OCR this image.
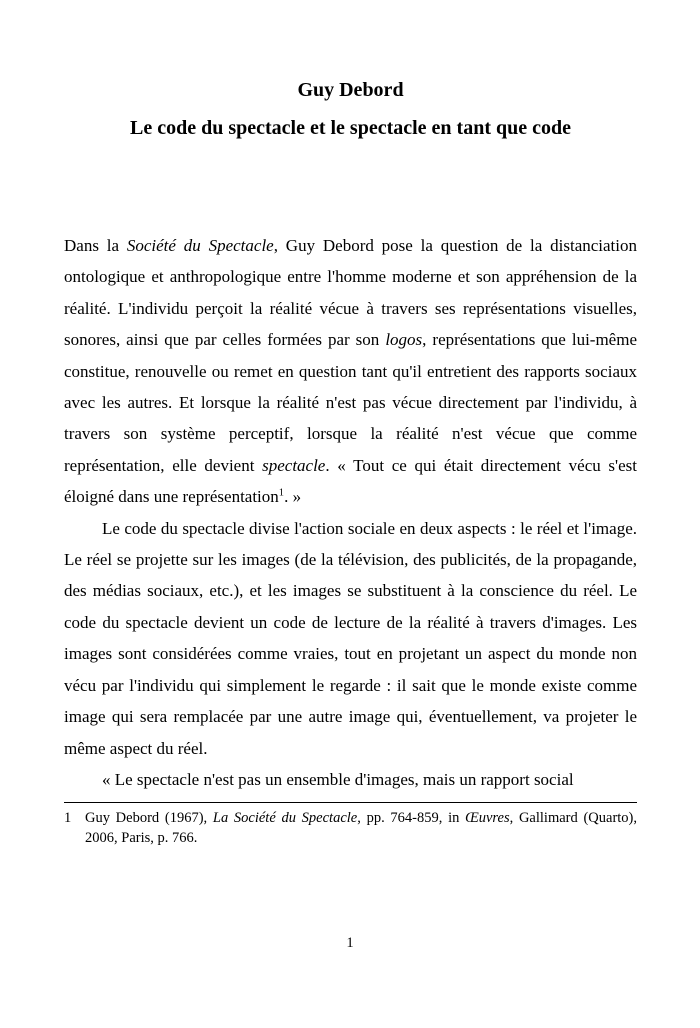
Guy Debord
Le code du spectacle et le spectacle en tant que code

Dans la Société du Spectacle, Guy Debord pose la question de la distanciation ontologique et anthropologique entre l'homme moderne et son appréhension de la réalité. L'individu perçoit la réalité vécue à travers ses représentations visuelles, sonores, ainsi que par celles formées par son logos, représentations que lui-même constitue, renouvelle ou remet en question tant qu'il entretient des rapports sociaux avec les autres. Et lorsque la réalité n'est pas vécue directement par l'individu, à travers son système perceptif, lorsque la réalité n'est vécue que comme représentation, elle devient spectacle. « Tout ce qui était directement vécu s'est éloigné dans une représentation$^1$. »

Le code du spectacle divise l'action sociale en deux aspects : le réel et l'image. Le réel se projette sur les images (de la télévision, des publicités, de la propagande, des médias sociaux, etc.), et les images se substituent à la conscience du réel. Le code du spectacle devient un code de lecture de la réalité à travers d'images. Les images sont considérées comme vraies, tout en projetant un aspect du monde non vécu par l'individu qui simplement le regarde : il sait que le monde existe comme image qui sera remplacée par une autre image qui, éventuellement, va projeter le même aspect du réel.

« Le spectacle n'est pas un ensemble d'images, mais un rapport social

1 Guy Debord (1967), La Société du Spectacle, pp. 764-859, in Œuvres, Gallimard (Quarto), 2006, Paris, p. 766.
1
